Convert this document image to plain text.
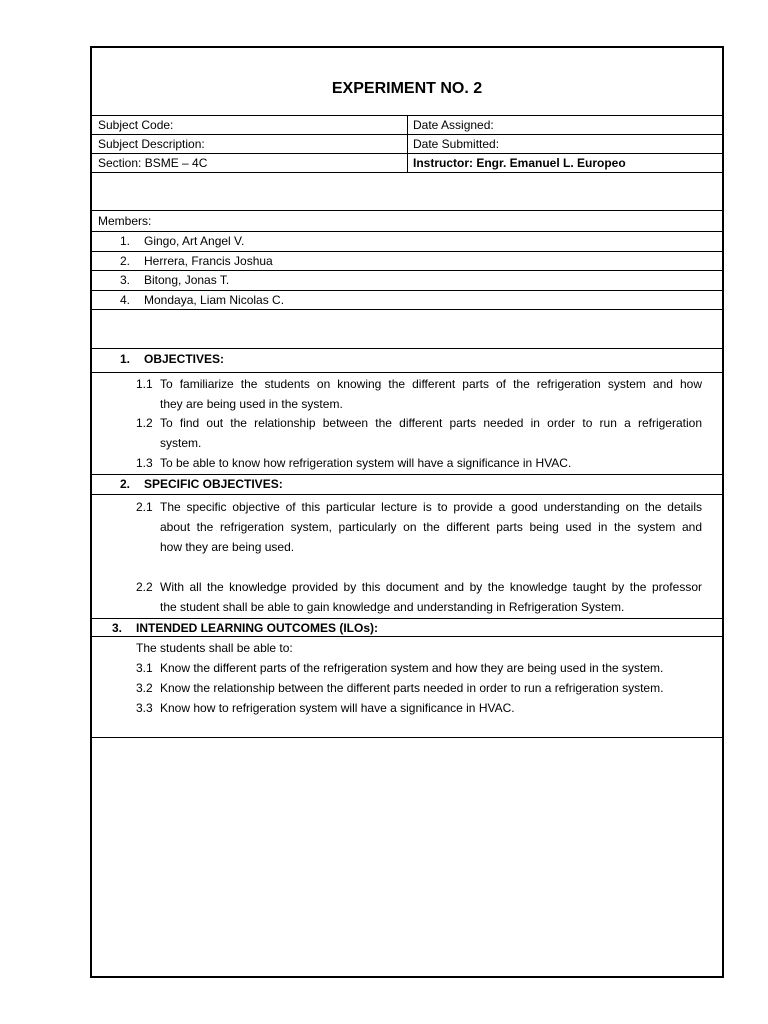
EXPERIMENT NO. 2
Subject Code:	Date Assigned:
Subject Description:	Date Submitted:
Section: BSME – 4C	Instructor: Engr. Emanuel L. Europeo
Members:
1. Gingo, Art Angel V.
2. Herrera, Francis Joshua
3. Bitong, Jonas T.
4. Mondaya, Liam Nicolas C.
1. OBJECTIVES:
1.1 To familiarize the students on knowing the different parts of the refrigeration system and how
they are being used in the system.
1.2 To find out the relationship between the different parts needed in order to run a refrigeration
system.
1.3 To be able to know how refrigeration system will have a significance in HVAC.
2. SPECIFIC OBJECTIVES:
2.1 The specific objective of this particular lecture is to provide a good understanding on the details
about the refrigeration system, particularly on the different parts being used in the system and
how they are being used.
2.2 With all the knowledge provided by this document and by the knowledge taught by the professor
the student shall be able to gain knowledge and understanding in Refrigeration System.
3. INTENDED LEARNING OUTCOMES (ILOs):
The students shall be able to:
3.1 Know the different parts of the refrigeration system and how they are being used in the system.
3.2 Know the relationship between the different parts needed in order to run a refrigeration system.
3.3 Know how to refrigeration system will have a significance in HVAC.
